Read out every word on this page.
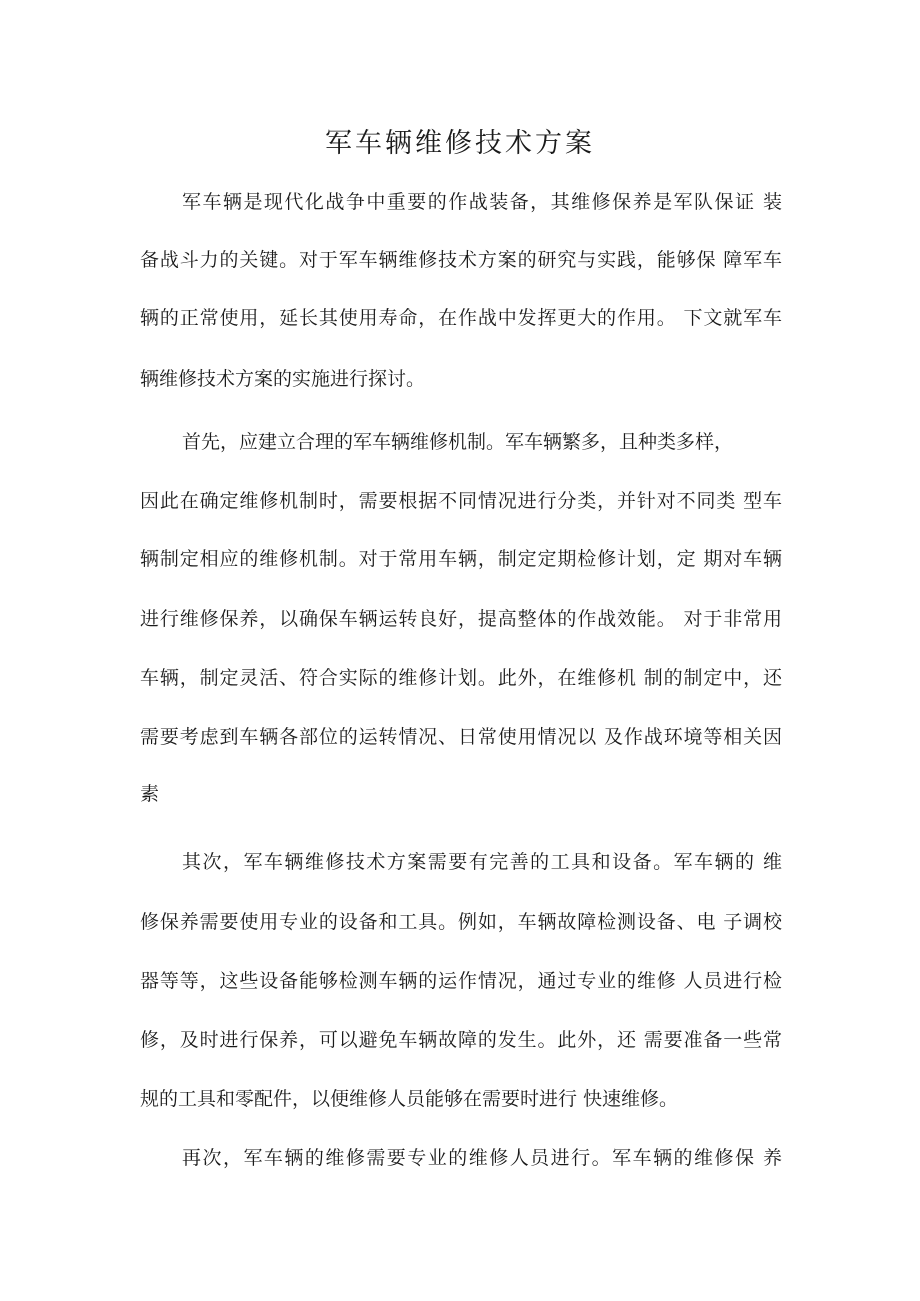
军车辆维修技术方案

军车辆是现代化战争中重要的作战装备，其维修保养是军队保证 装

备战斗力的关键。对于军车辆维修技术方案的研究与实践，能够保 障军车

辆的正常使用，延长其使用寿命，在作战中发挥更大的作用。 下文就军车

辆维修技术方案的实施进行探讨。

首先，应建立合理的军车辆维修机制。军车辆繁多，且种类多样，

因此在确定维修机制时，需要根据不同情况进行分类，并针对不同类 型车

辆制定相应的维修机制。对于常用车辆，制定定期检修计划，定 期对车辆

进行维修保养，以确保车辆运转良好，提高整体的作战效能。 对于非常用

车辆，制定灵活、符合实际的维修计划。此外，在维修机 制的制定中，还

需要考虑到车辆各部位的运转情况、日常使用情况以 及作战环境等相关因

素

其次，军车辆维修技术方案需要有完善的工具和设备。军车辆的 维

修保养需要使用专业的设备和工具。例如，车辆故障检测设备、电 子调校

器等等，这些设备能够检测车辆的运作情况，通过专业的维修 人员进行检

修，及时进行保养，可以避免车辆故障的发生。此外，还 需要准备一些常

规的工具和零配件，以便维修人员能够在需要时进行 快速维修。

再次，军车辆的维修需要专业的维修人员进行。军车辆的维修保 养
